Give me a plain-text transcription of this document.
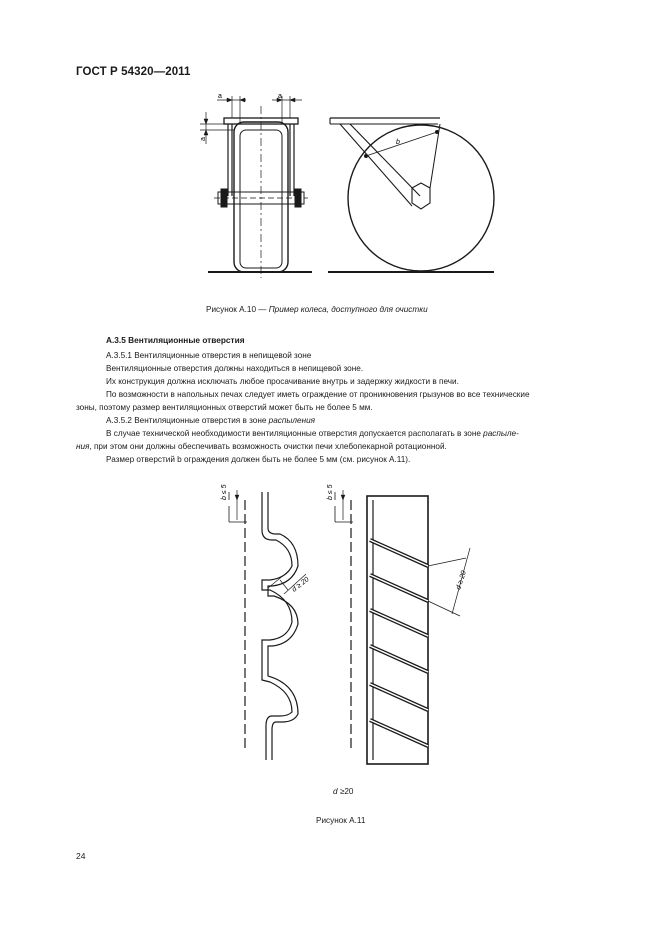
ГОСТ Р 54320—2011
a	a
a	b
Рисунок А.10 — Пример колеса, доступного для очистки
А.3.5 Вентиляционные отверстия

А.3.5.1 Вентиляционные отверстия в непищевой зоне

Вентиляционные отверстия должны находиться в непищевой зоне.

Их конструкция должна исключать любое просачивание внутрь и задержку жидкости в печи.

По возможности в напольных печах следует иметь ограждение от проникновения грызунов во все технические

зоны, поэтому размер вентиляционных отверстий может быть не более 5 мм.

А.3.5.2 Вентиляционные отверстия в зоне распыления

В случае технической необходимости вентиляционные отверстия допускается располагать в зоне распыле-

ния, при этом они должны обеспечивать возможность очистки печи хлебопекарной ротационной.

Размер отверстий b ограждения должен быть не более 5 мм (см. рисунок А.11).

b ≤ 5
d ≥ 20
b ≤ 5
d ≥ 20
d ≥20
Рисунок А.11
24
